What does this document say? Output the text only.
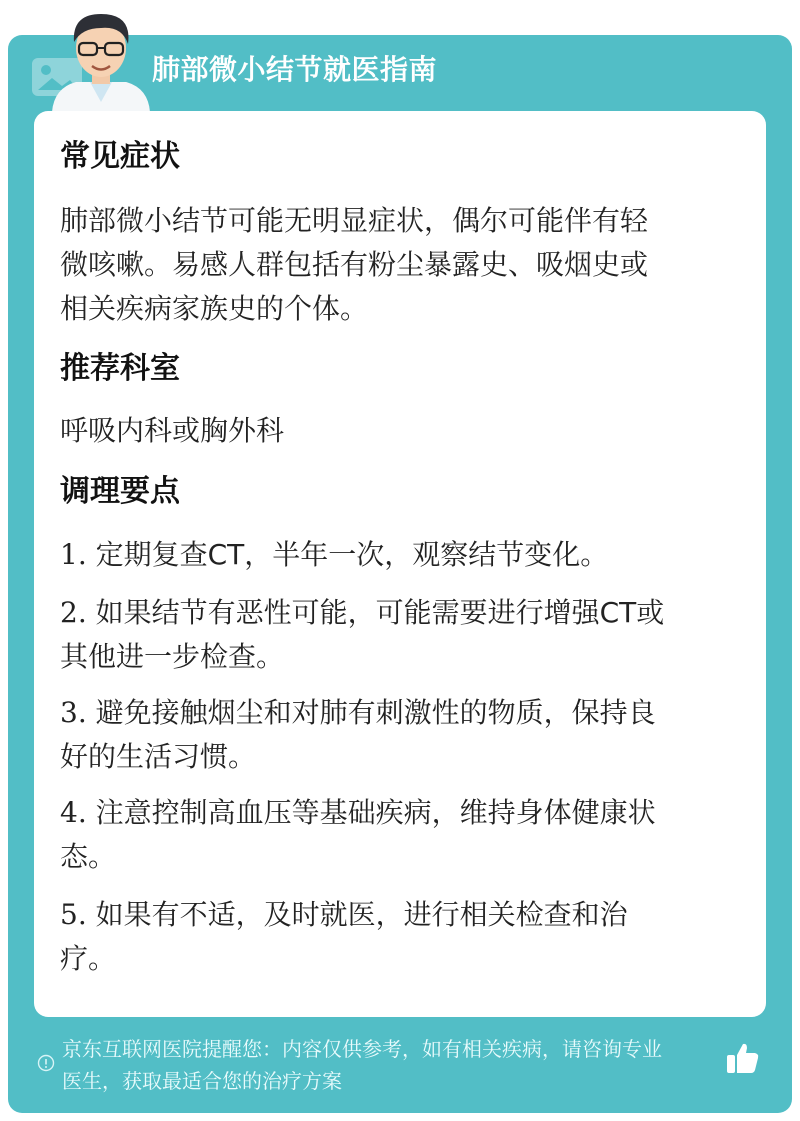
肺部微小结节就医指南
常见症状
肺部微小结节可能无明显症状，偶尔可能伴有轻
微咳嗽。易感人群包括有粉尘暴露史、吸烟史或
相关疾病家族史的个体。
推荐科室
呼吸内科或胸外科
调理要点
1. 定期复查CT，半年一次，观察结节变化。
2. 如果结节有恶性可能，可能需要进行增强CT或
其他进一步检查。
3. 避免接触烟尘和对肺有刺激性的物质，保持良
好的生活习惯。
4. 注意控制高血压等基础疾病，维持身体健康状
态。
5. 如果有不适，及时就医，进行相关检查和治
疗。
京东互联网医院提醒您：内容仅供参考，如有相关疾病，请咨询专业
医生，获取最适合您的治疗方案
